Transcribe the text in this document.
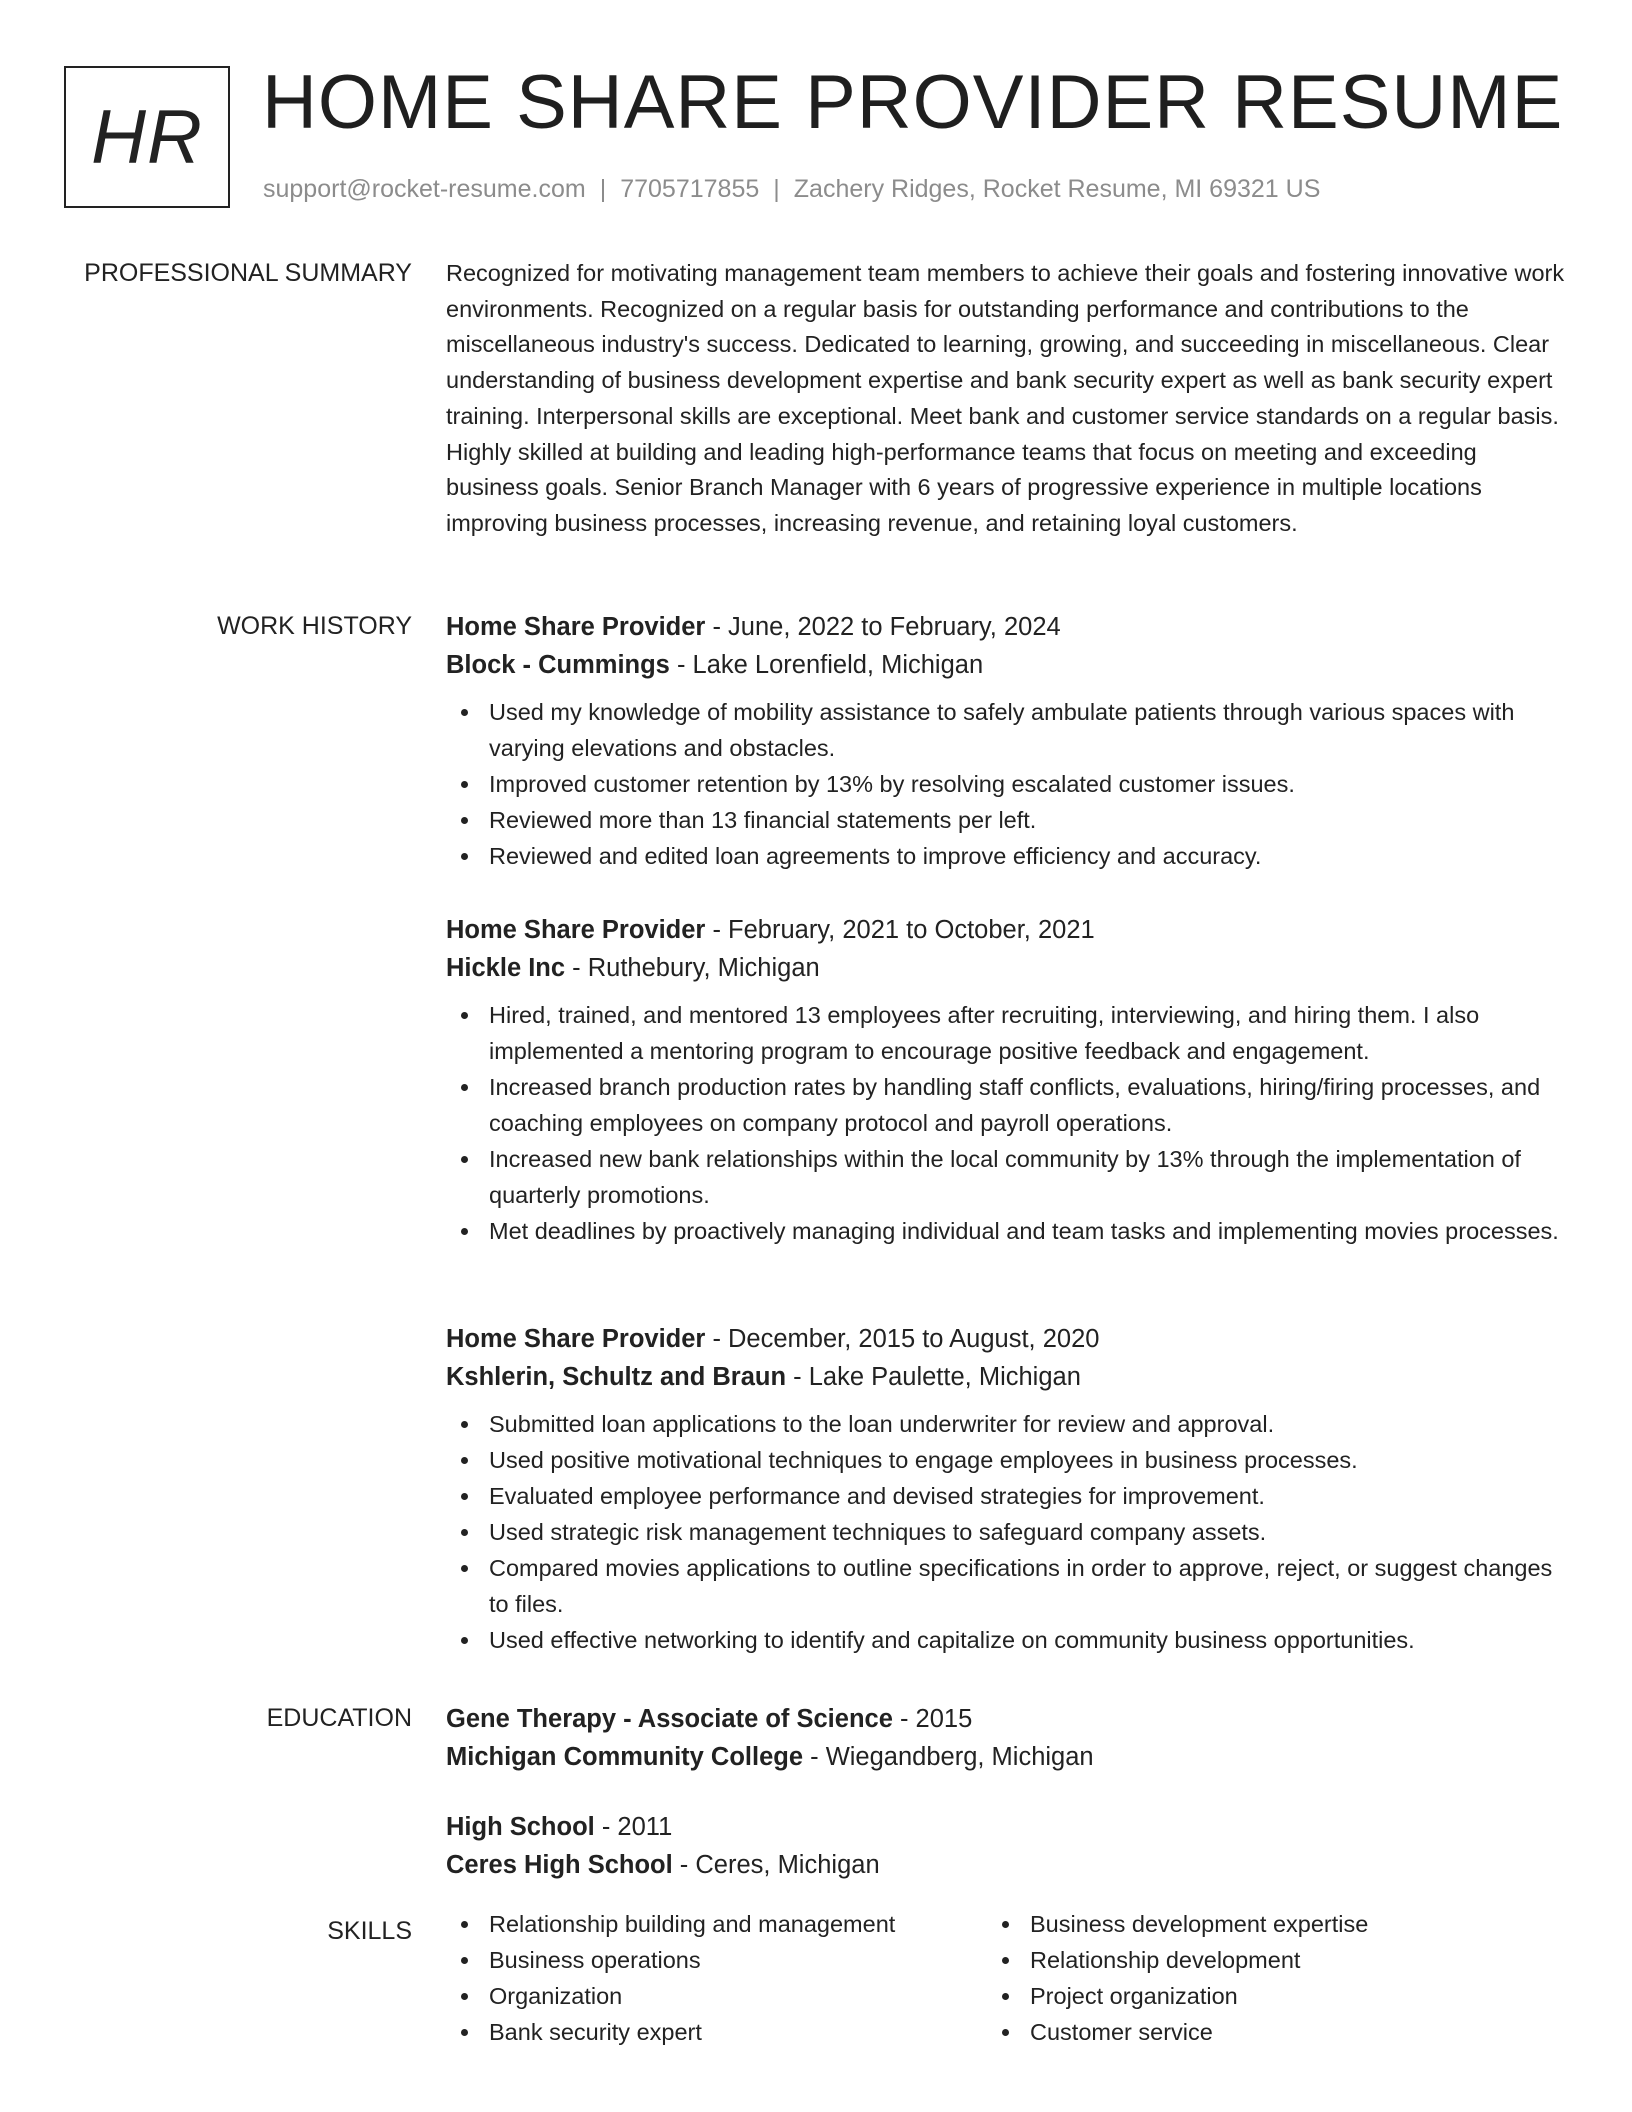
HR HOME SHARE PROVIDER RESUME
support@rocket-resume.com | 7705717855 | Zachery Ridges, Rocket Resume, MI 69321 US
PROFESSIONAL SUMMARY Recognized for motivating management team members to achieve their goals and fostering innovative work environments. Recognized on a regular basis for outstanding performance and contributions to the miscellaneous industry's success. Dedicated to learning, growing, and succeeding in miscellaneous. Clear understanding of business development expertise and bank security expert as well as bank security expert training. Interpersonal skills are exceptional. Meet bank and customer service standards on a regular basis. Highly skilled at building and leading high-performance teams that focus on meeting and exceeding business goals. Senior Branch Manager with 6 years of progressive experience in multiple locations improving business processes, increasing revenue, and retaining loyal customers.
WORK HISTORY Home Share Provider - June, 2022 to February, 2024
Block - Cummings - Lake Lorenfield, Michigan
Used my knowledge of mobility assistance to safely ambulate patients through various spaces with varying elevations and obstacles.
Improved customer retention by 13% by resolving escalated customer issues.
Reviewed more than 13 financial statements per left.
Reviewed and edited loan agreements to improve efficiency and accuracy.
Home Share Provider - February, 2021 to October, 2021
Hickle Inc - Ruthebury, Michigan
Hired, trained, and mentored 13 employees after recruiting, interviewing, and hiring them. I also implemented a mentoring program to encourage positive feedback and engagement.
Increased branch production rates by handling staff conflicts, evaluations, hiring/firing processes, and coaching employees on company protocol and payroll operations.
Increased new bank relationships within the local community by 13% through the implementation of quarterly promotions.
Met deadlines by proactively managing individual and team tasks and implementing movies processes.
Home Share Provider - December, 2015 to August, 2020
Kshlerin, Schultz and Braun - Lake Paulette, Michigan
Submitted loan applications to the loan underwriter for review and approval.
Used positive motivational techniques to engage employees in business processes.
Evaluated employee performance and devised strategies for improvement.
Used strategic risk management techniques to safeguard company assets.
Compared movies applications to outline specifications in order to approve, reject, or suggest changes to files.
Used effective networking to identify and capitalize on community business opportunities.
EDUCATION Gene Therapy - Associate of Science - 2015
Michigan Community College - Wiegandberg, Michigan
High School - 2011
Ceres High School - Ceres, Michigan
SKILLS	Relationship building and management
Business operations
Organization
Bank security expert
Business development expertise
Relationship development
Project organization
Customer service
